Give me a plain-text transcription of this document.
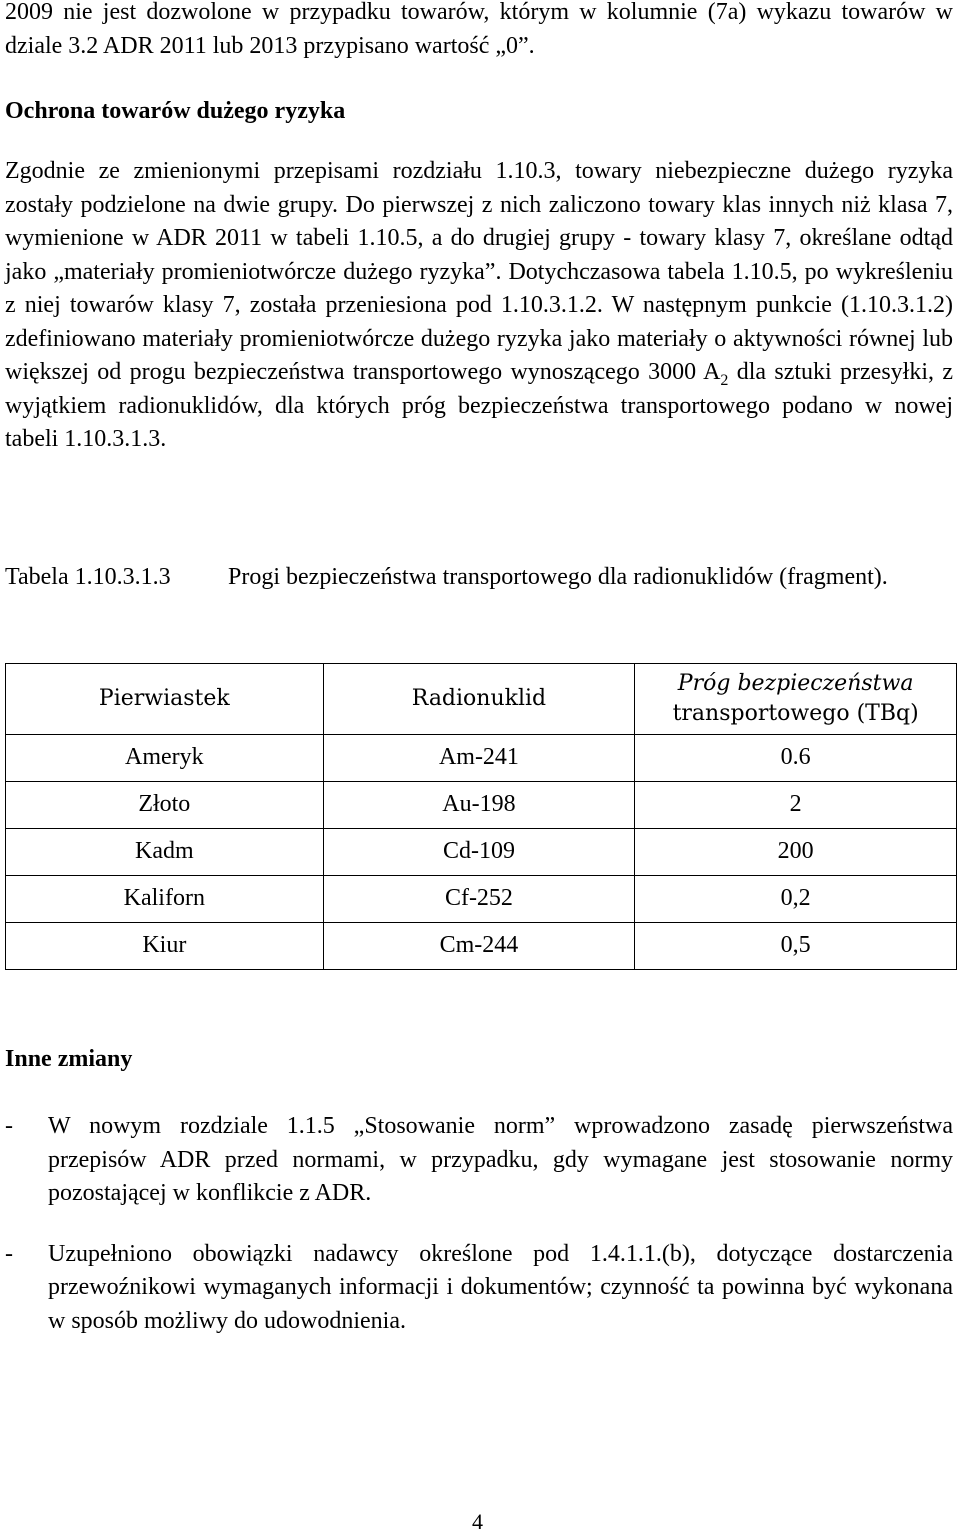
2009 nie jest dozwolone w przypadku towarów, którym w kolumnie (7a) wykazu towarów w dziale 3.2 ADR 2011 lub 2013 przypisano wartość „0”.

Ochrona towarów dużego ryzyka

Zgodnie ze zmienionymi przepisami rozdziału 1.10.3, towary niebezpieczne dużego ryzyka zostały podzielone na dwie grupy. Do pierwszej z nich zaliczono towary klas innych niż klasa 7, wymienione w ADR 2011 w tabeli 1.10.5, a do drugiej grupy - towary klasy 7, określane odtąd jako „materiały promieniotwórcze dużego ryzyka”. Dotychczasowa tabela 1.10.5, po wykreśleniu z niej towarów klasy 7, została przeniesiona pod 1.10.3.1.2. W następnym punkcie (1.10.3.1.2) zdefiniowano materiały promieniotwórcze dużego ryzyka jako materiały o aktywności równej lub większej od progu bezpieczeństwa transportowego wynoszącego 3000 $A_2$ dla sztuki przesyłki, z wyjątkiem radionuklidów, dla których próg bezpieczeństwa transportowego podano w nowej tabeli 1.10.3.1.3.

Tabela 1.10.3.1.3	Progi bezpieczeństwa transportowego dla radionuklidów (fragment).
Pierwiastek	Radionuklid	Próg bezpieczeństwa
transportowego (TBq)
Ameryk	Am-241	0.6
Złoto	Au-198	2
Kadm	Cd-109	200
Kaliforn	Cf-252	0,2
Kiur	Cm-244	0,5
Inne zmiany
-	W nowym rozdziale 1.1.5 „Stosowanie norm” wprowadzono zasadę pierwszeństwa przepisów ADR przed normami, w przypadku, gdy wymagane jest stosowanie normy pozostającej w konflikcie z ADR.
-	Uzupełniono obowiązki nadawcy określone pod 1.4.1.1.(b), dotyczące dostarczenia przewoźnikowi wymaganych informacji i dokumentów; czynność ta powinna być wykonana w sposób możliwy do udowodnienia.
4
